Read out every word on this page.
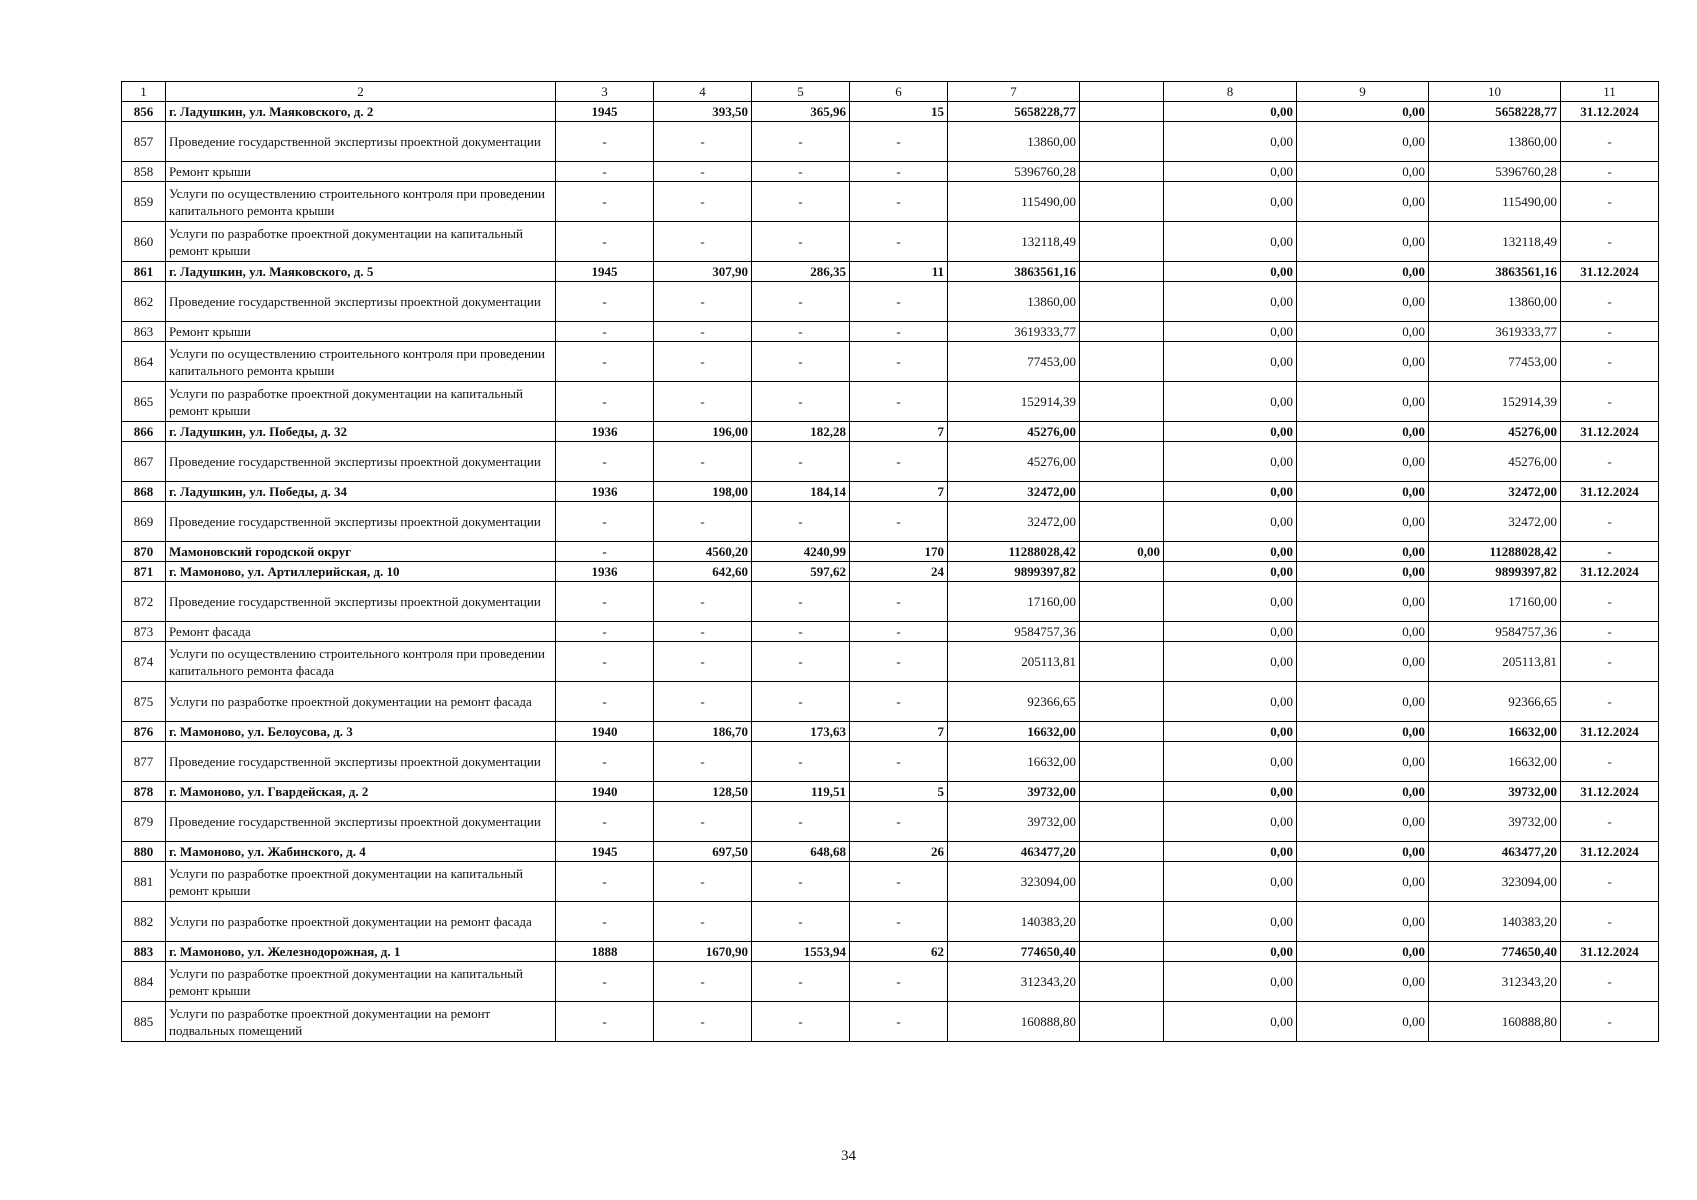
1	2	3	4	5	6	7		8	9	10	11
856	г. Ладушкин, ул. Маяковского, д. 2	1945	393,50	365,96	15	5658228,77		0,00	0,00	5658228,77	31.12.2024
857	Проведение государственной экспертизы проектной документации	-	-	-	-	13860,00		0,00	0,00	13860,00	-
858	Ремонт крыши	-	-	-	-	5396760,28		0,00	0,00	5396760,28	-
859	Услуги по осуществлению строительного контроля при проведении капитального ремонта крыши	-	-	-	-	115490,00		0,00	0,00	115490,00	-
860	Услуги по разработке проектной документации на капитальный ремонт крыши	-	-	-	-	132118,49		0,00	0,00	132118,49	-
861	г. Ладушкин, ул. Маяковского, д. 5	1945	307,90	286,35	11	3863561,16		0,00	0,00	3863561,16	31.12.2024
862	Проведение государственной экспертизы проектной документации	-	-	-	-	13860,00		0,00	0,00	13860,00	-
863	Ремонт крыши	-	-	-	-	3619333,77		0,00	0,00	3619333,77	-
864	Услуги по осуществлению строительного контроля при проведении капитального ремонта крыши	-	-	-	-	77453,00		0,00	0,00	77453,00	-
865	Услуги по разработке проектной документации на капитальный ремонт крыши	-	-	-	-	152914,39		0,00	0,00	152914,39	-
866	г. Ладушкин, ул. Победы, д. 32	1936	196,00	182,28	7	45276,00		0,00	0,00	45276,00	31.12.2024
867	Проведение государственной экспертизы проектной документации	-	-	-	-	45276,00		0,00	0,00	45276,00	-
868	г. Ладушкин, ул. Победы, д. 34	1936	198,00	184,14	7	32472,00		0,00	0,00	32472,00	31.12.2024
869	Проведение государственной экспертизы проектной документации	-	-	-	-	32472,00		0,00	0,00	32472,00	-
870	Мамоновский городской округ	-	4560,20	4240,99	170	11288028,42	0,00	0,00	0,00	11288028,42	-
871	г. Мамоново, ул. Артиллерийская, д. 10	1936	642,60	597,62	24	9899397,82		0,00	0,00	9899397,82	31.12.2024
872	Проведение государственной экспертизы проектной документации	-	-	-	-	17160,00		0,00	0,00	17160,00	-
873	Ремонт фасада	-	-	-	-	9584757,36		0,00	0,00	9584757,36	-
874	Услуги по осуществлению строительного контроля при проведении капитального ремонта фасада	-	-	-	-	205113,81		0,00	0,00	205113,81	-
875	Услуги по разработке проектной документации на ремонт фасада	-	-	-	-	92366,65		0,00	0,00	92366,65	-
876	г. Мамоново, ул. Белоусова, д. 3	1940	186,70	173,63	7	16632,00		0,00	0,00	16632,00	31.12.2024
877	Проведение государственной экспертизы проектной документации	-	-	-	-	16632,00		0,00	0,00	16632,00	-
878	г. Мамоново, ул. Гвардейская, д. 2	1940	128,50	119,51	5	39732,00		0,00	0,00	39732,00	31.12.2024
879	Проведение государственной экспертизы проектной документации	-	-	-	-	39732,00		0,00	0,00	39732,00	-
880	г. Мамоново, ул. Жабинского, д. 4	1945	697,50	648,68	26	463477,20		0,00	0,00	463477,20	31.12.2024
881	Услуги по разработке проектной документации на капитальный ремонт крыши	-	-	-	-	323094,00		0,00	0,00	323094,00	-
882	Услуги по разработке проектной документации на ремонт фасада	-	-	-	-	140383,20		0,00	0,00	140383,20	-
883	г. Мамоново, ул. Железнодорожная, д. 1	1888	1670,90	1553,94	62	774650,40		0,00	0,00	774650,40	31.12.2024
884	Услуги по разработке проектной документации на капитальный ремонт крыши	-	-	-	-	312343,20		0,00	0,00	312343,20	-
885	Услуги по разработке проектной документации на ремонт подвальных помещений	-	-	-	-	160888,80		0,00	0,00	160888,80	-
34
